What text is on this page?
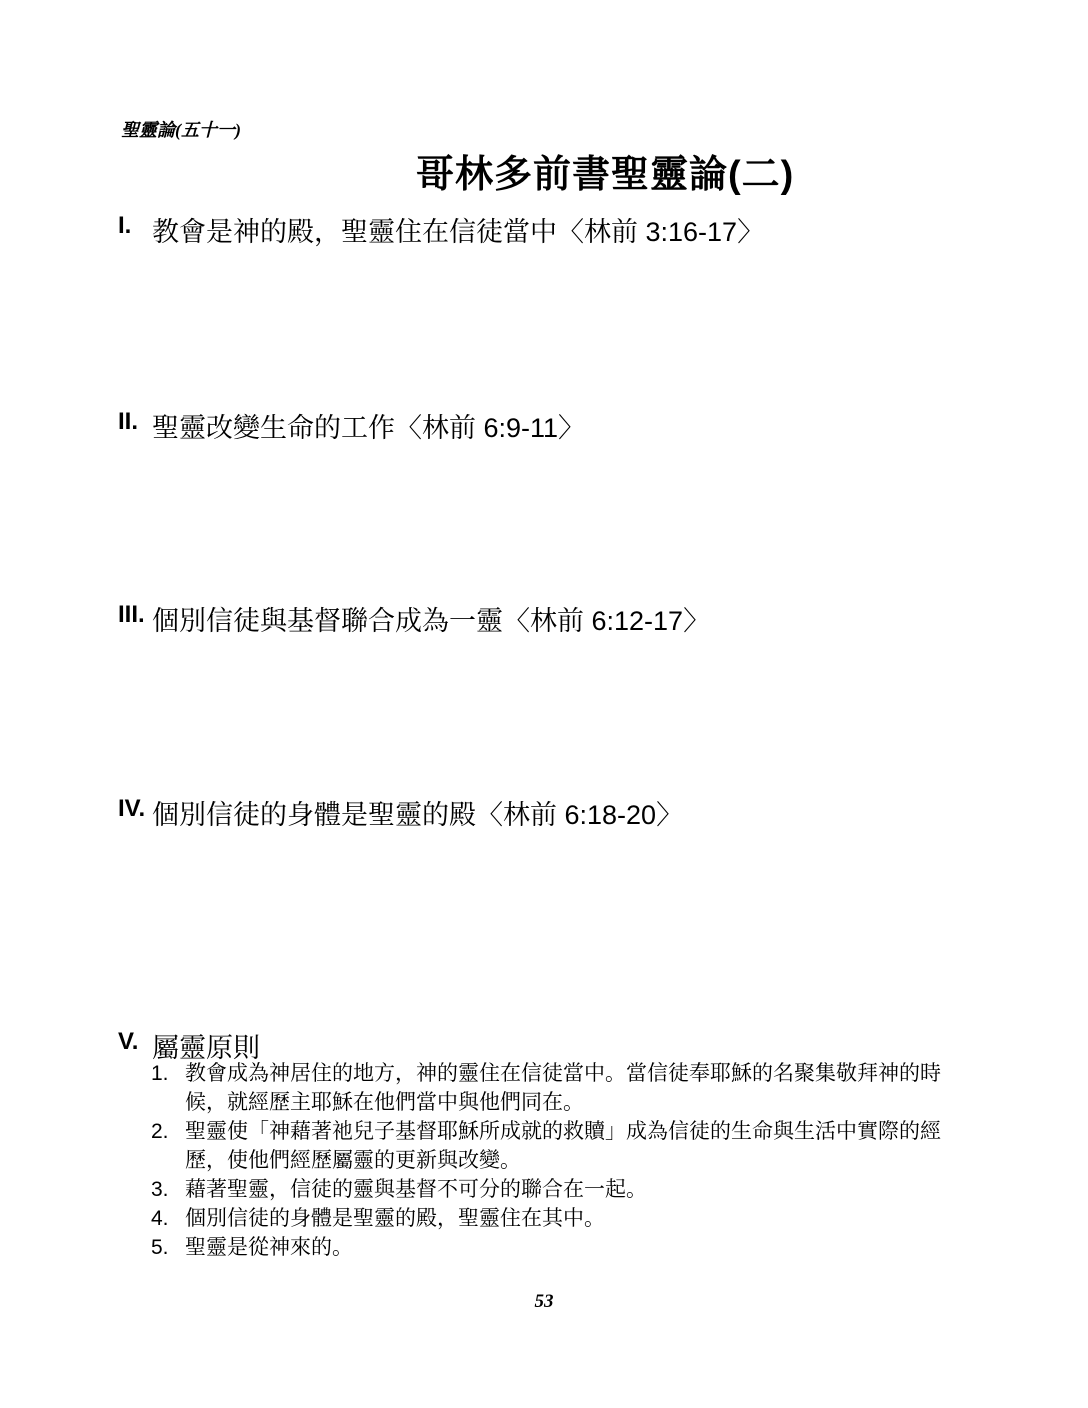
聖靈論(五十一)
哥林多前書聖靈論(二)
I. 教會是神的殿，聖靈住在信徒當中〈林前 3:16-17〉
II. 聖靈改變生命的工作〈林前 6:9-11〉
III. 個別信徒與基督聯合成為一靈〈林前 6:12-17〉
IV. 個別信徒的身體是聖靈的殿〈林前 6:18-20〉
V. 屬靈原則
1. 教會成為神居住的地方，神的靈住在信徒當中。當信徒奉耶穌的名聚集敬拜神的時候，就經歷主耶穌在他們當中與他們同在。
2. 聖靈使「神藉著祂兒子基督耶穌所成就的救贖」成為信徒的生命與生活中實際的經歷，使他們經歷屬靈的更新與改變。
3. 藉著聖靈，信徒的靈與基督不可分的聯合在一起。
4. 個別信徒的身體是聖靈的殿，聖靈住在其中。
5. 聖靈是從神來的。
53
